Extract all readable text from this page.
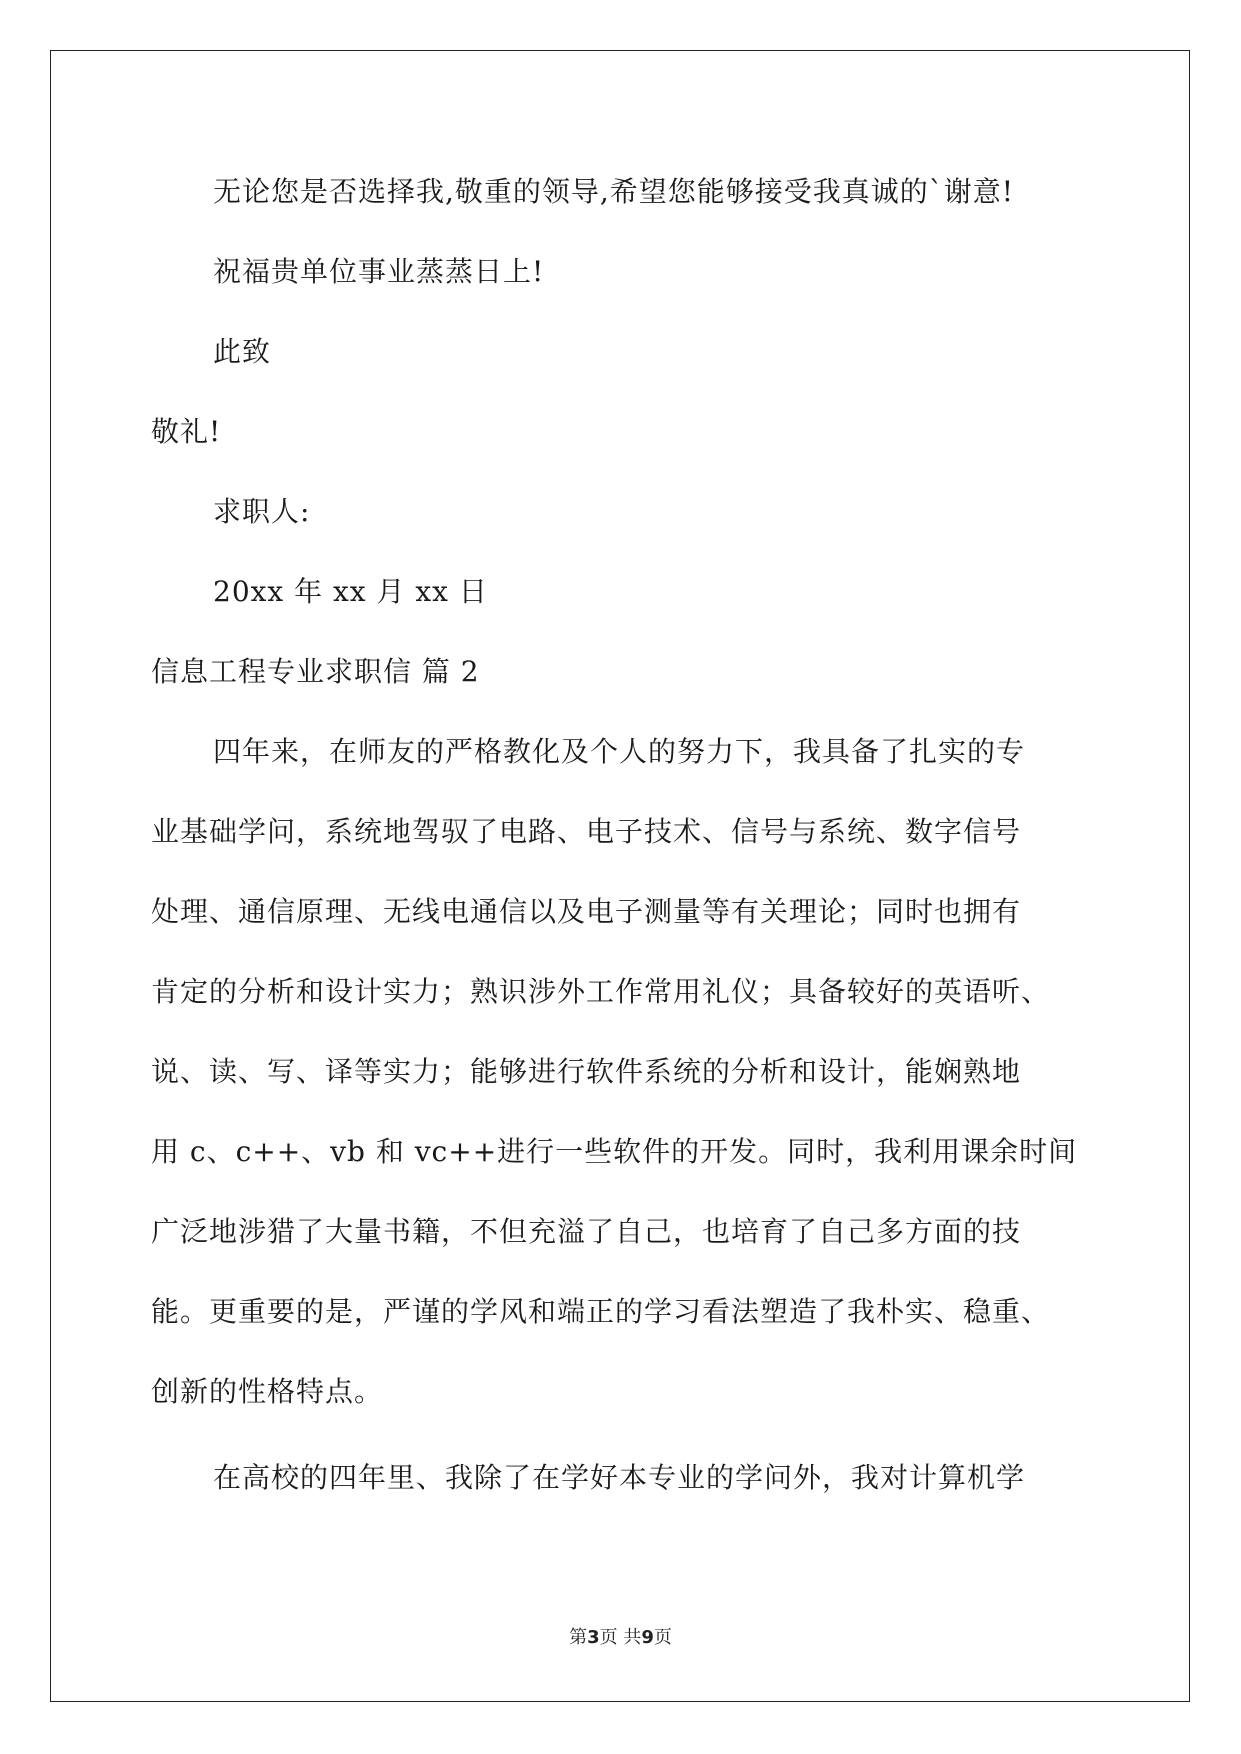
无论您是否选择我,敬重的领导,希望您能够接受我真诚的`谢意!
祝福贵单位事业蒸蒸日上!
此致
敬礼!
求职人:
20xx 年 xx 月 xx 日
信息工程专业求职信 篇 2
四年来，在师友的严格教化及个人的努力下，我具备了扎实的专
业基础学问，系统地驾驭了电路、电子技术、信号与系统、数字信号
处理、通信原理、无线电通信以及电子测量等有关理论；同时也拥有
肯定的分析和设计实力；熟识涉外工作常用礼仪；具备较好的英语听、
说、读、写、译等实力；能够进行软件系统的分析和设计，能娴熟地
用 c、c++、vb 和 vc++进行一些软件的开发。同时，我利用课余时间
广泛地涉猎了大量书籍，不但充溢了自己，也培育了自己多方面的技
能。更重要的是，严谨的学风和端正的学习看法塑造了我朴实、稳重、
创新的性格特点。
在高校的四年里、我除了在学好本专业的学问外，我对计算机学
第3页 共9页
